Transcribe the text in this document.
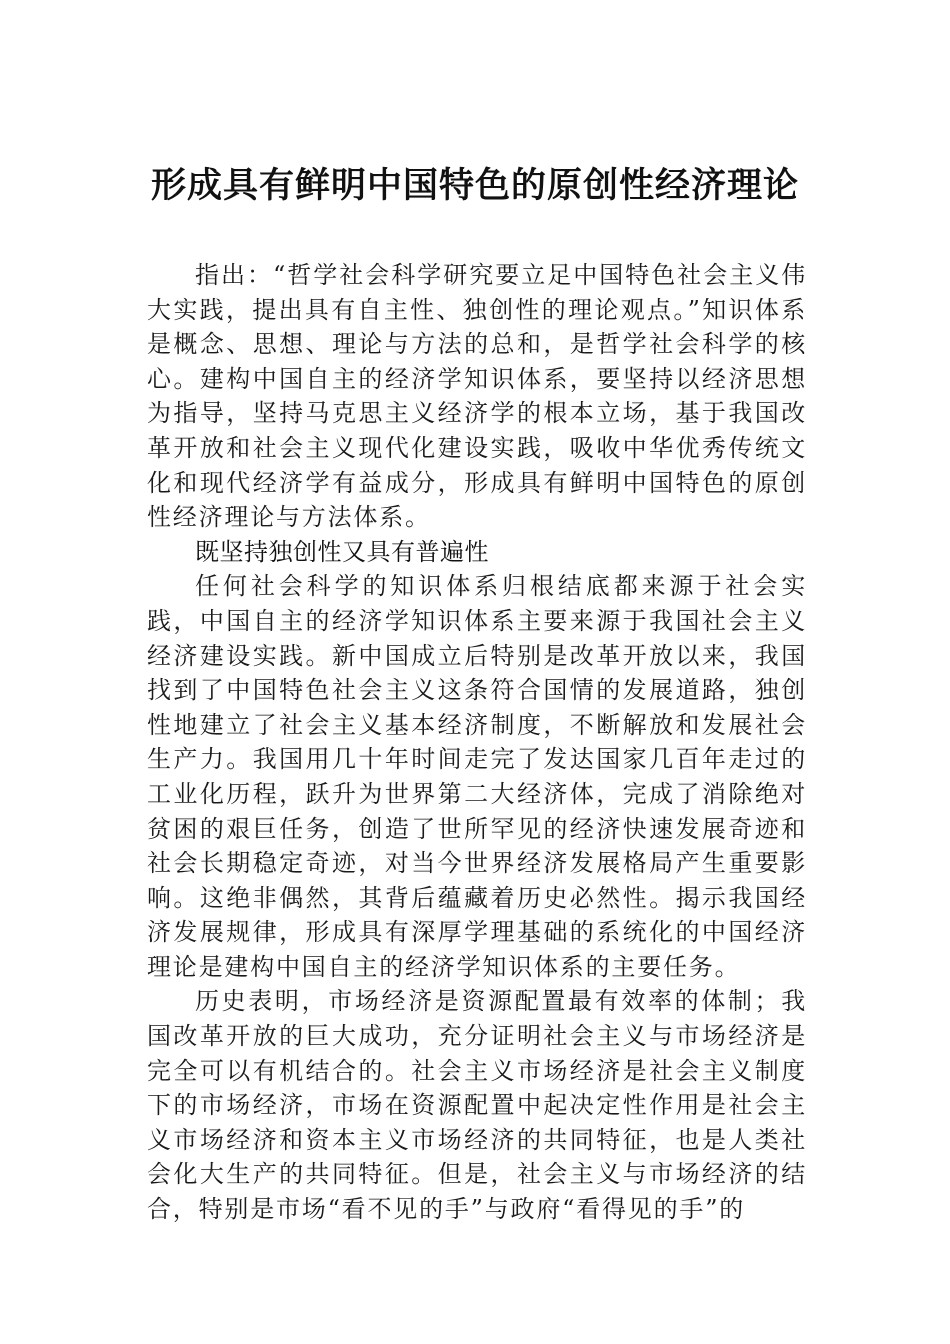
形成具有鲜明中国特色的原创性经济理论

指出：“哲学社会科学研究要立足中国特色社会主义伟大实践，提出具有自主性、独创性的理论观点。”知识体系是概念、思想、理论与方法的总和，是哲学社会科学的核心。建构中国自主的经济学知识体系，要坚持以经济思想为指导，坚持马克思主义经济学的根本立场，基于我国改革开放和社会主义现代化建设实践，吸收中华优秀传统文化和现代经济学有益成分，形成具有鲜明中国特色的原创性经济理论与方法体系。

既坚持独创性又具有普遍性

任何社会科学的知识体系归根结底都来源于社会实践，中国自主的经济学知识体系主要来源于我国社会主义经济建设实践。新中国成立后特别是改革开放以来，我国找到了中国特色社会主义这条符合国情的发展道路，独创性地建立了社会主义基本经济制度，不断解放和发展社会生产力。我国用几十年时间走完了发达国家几百年走过的工业化历程，跃升为世界第二大经济体，完成了消除绝对贫困的艰巨任务，创造了世所罕见的经济快速发展奇迹和社会长期稳定奇迹，对当今世界经济发展格局产生重要影响。这绝非偶然，其背后蕴藏着历史必然性。揭示我国经济发展规律，形成具有深厚学理基础的系统化的中国经济理论是建构中国自主的经济学知识体系的主要任务。

历史表明，市场经济是资源配置最有效率的体制；我国改革开放的巨大成功，充分证明社会主义与市场经济是完全可以有机结合的。社会主义市场经济是社会主义制度下的市场经济，市场在资源配置中起决定性作用是社会主义市场经济和资本主义市场经济的共同特征，也是人类社会化大生产的共同特征。但是，社会主义与市场经济的结合，特别是市场“看不见的手”与政府“看得见的手”的
